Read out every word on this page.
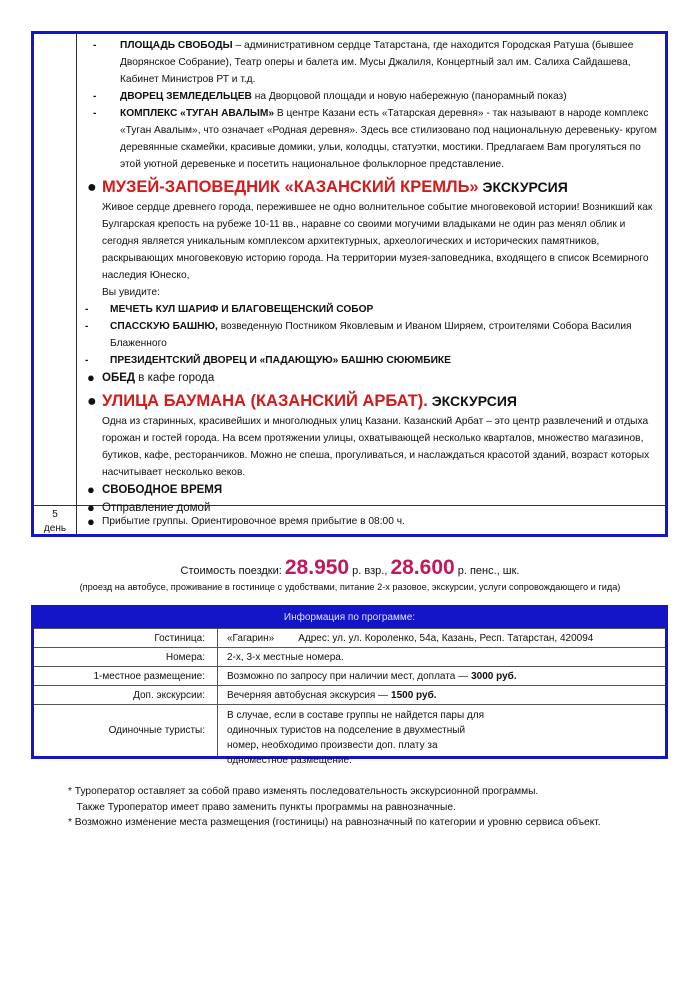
- ПЛОЩАДЬ СВОБОДЫ – административном сердце Татарстана, где находится Городская Ратуша (бывшее Дворянское Собрание), Театр оперы и балета им. Мусы Джалиля, Концертный зал им. Салиха Сайдашева, Кабинет Министров РТ и т.д.
- ДВОРЕЦ ЗЕМЛЕДЕЛЬЦЕВ на Дворцовой площади и новую набережную (панорамный показ)
- КОМПЛЕКС «ТУГАН АВАЛЫМ» В центре Казани есть «Татарская деревня» - так называют в народе комплекс «Туган Авалым», что означает «Родная деревня». Здесь все стилизовано под национальную деревеньку- кругом деревянные скамейки, красивые домики, ульи, колодцы, статуэтки, мостики. Предлагаем Вам прогуляться по этой уютной деревеньке и посетить национальное фольклорное представление.
● МУЗЕЙ-ЗАПОВЕДНИК «КАЗАНСКИЙ КРЕМЛЬ» ЭКСКУРСИЯ
Живое сердце древнего города, пережившее не одно волнительное событие многовековой истории! Возникший как Булгарская крепость на рубеже 10-11 вв., наравне со своими могучими владыками не один раз менял облик и сегодня является уникальным комплексом архитектурных, археологических и исторических памятников, раскрывающих многовековую историю города. На территории музея-заповедника, входящего в список Всемирного наследия Юнеско,
Вы увидите:
- МЕЧЕТЬ КУЛ ШАРИФ И БЛАГОВЕЩЕНСКИЙ СОБОР
- СПАССКУЮ БАШНЮ, возведенную Постником Яковлевым и Иваном Ширяем, строителями Собора Василия Блаженного
- ПРЕЗИДЕНТСКИЙ ДВОРЕЦ И «ПАДАЮЩУЮ» БАШНЮ СЮЮМБИКЕ
● ОБЕД в кафе города
● УЛИЦА БАУМАНА (КАЗАНСКИЙ АРБАТ). ЭКСКУРСИЯ
Одна из старинных, красивейших и многолюдных улиц Казани. Казанский Арбат – это центр развлечений и отдыха горожан и гостей города. На всем протяжении улицы, охватывающей несколько кварталов, множество магазинов, бутиков, кафе, ресторанчиков. Можно не спеша, прогуливаться, и наслаждаться красотой зданий, возраст которых насчитывает несколько веков.
● СВОБОДНОЕ ВРЕМЯ
● Отправление домой
5
день	● Прибытие группы. Ориентировочное время прибытие в 08:00 ч.
Стоимость поездки: 28.950 р. взр., 28.600 р. пенс., шк.
(проезд на автобусе, проживание в гостинице с удобствами, питание 2-х разовое, экскурсии, услуги сопровождающего и гида)
Информация по программе:
Гостиница:	«Гагарин» Адрес: ул. ул. Короленко, 54а, Казань, Респ. Татарстан, 420094
Номера:	2-х, 3-х местные номера.
1-местное размещение:	Возможно по запросу при наличии мест, доплата — 3000 руб.
Доп. экскурсии:	Вечерняя автобусная экскурсия — 1500 руб.
Одиночные туристы:
В случае, если в составе группы не найдется пары для одиночных туристов на подселение в двухместный номер, необходимо произвести доп. плату за одноместное размещение.
* Туроператор оставляет за собой право изменять последовательность экскурсионной программы.
Также Туроператор имеет право заменить пункты программы на равнозначные.
* Возможно изменение места размещения (гостиницы) на равнозначный по категории и уровню сервиса объект.
